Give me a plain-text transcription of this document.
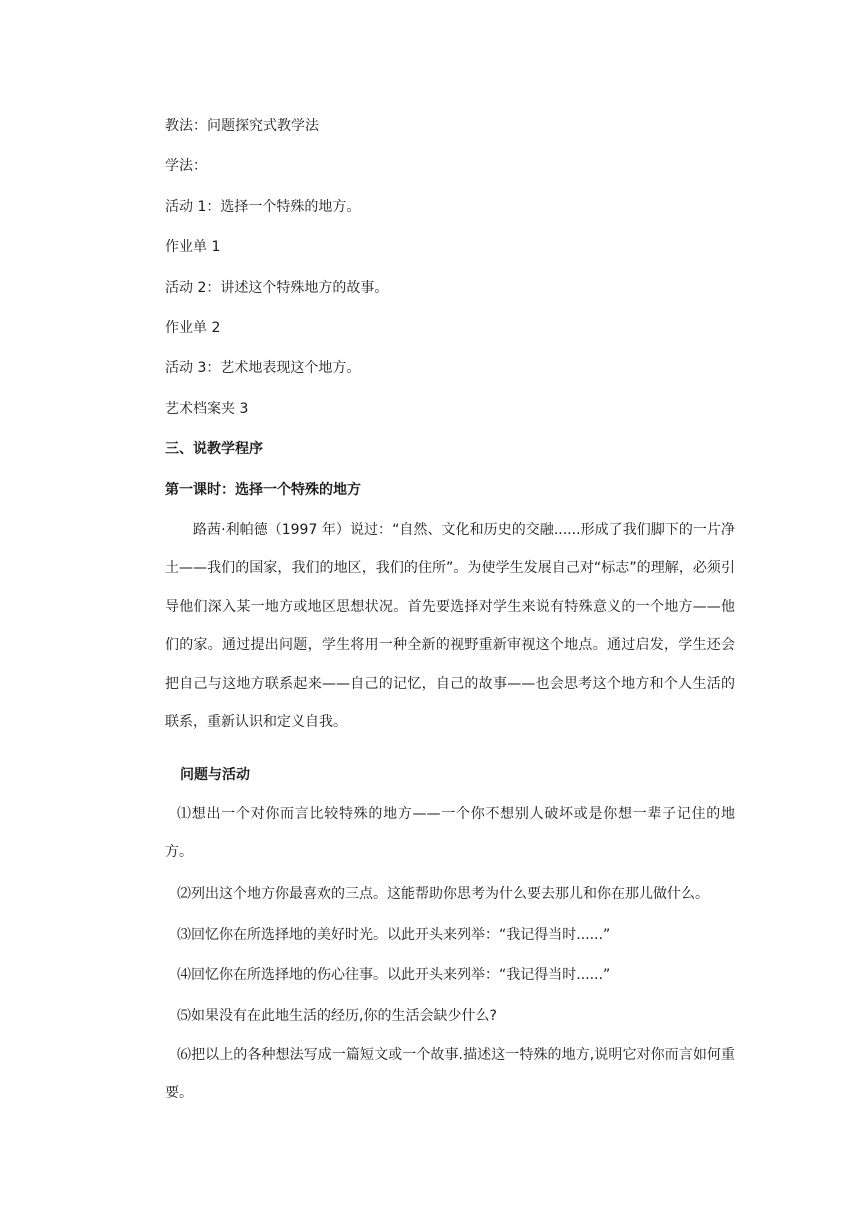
教法：问题探究式教学法
学法：
活动 1：选择一个特殊的地方。
作业单 1
活动 2：讲述这个特殊地方的故事。
作业单 2
活动 3：艺术地表现这个地方。
艺术档案夹 3
三、说教学程序
第一课时：选择一个特殊的地方
路茜·利帕德（1997 年）说过：“自然、文化和历史的交融......形成了我们脚下的一片净土——我们的国家，我们的地区，我们的住所”。为使学生发展自己对“标志”的理解，必须引导他们深入某一地方或地区思想状况。首先要选择对学生来说有特殊意义的一个地方——他们的家。通过提出问题，学生将用一种全新的视野重新审视这个地点。通过启发，学生还会把自己与这地方联系起来——自己的记忆，自己的故事——也会思考这个地方和个人生活的联系，重新认识和定义自我。
问题与活动
⑴想出一个对你而言比较特殊的地方——一个你不想别人破坏或是你想一辈子记住的地方。
⑵列出这个地方你最喜欢的三点。这能帮助你思考为什么要去那儿和你在那儿做什么。
⑶回忆你在所选择地的美好时光。以此开头来列举：“我记得当时......”
⑷回忆你在所选择地的伤心往事。以此开头来列举：“我记得当时......”
⑸如果没有在此地生活的经历,你的生活会缺少什么?
⑹把以上的各种想法写成一篇短文或一个故事.描述这一特殊的地方,说明它对你而言如何重要。
